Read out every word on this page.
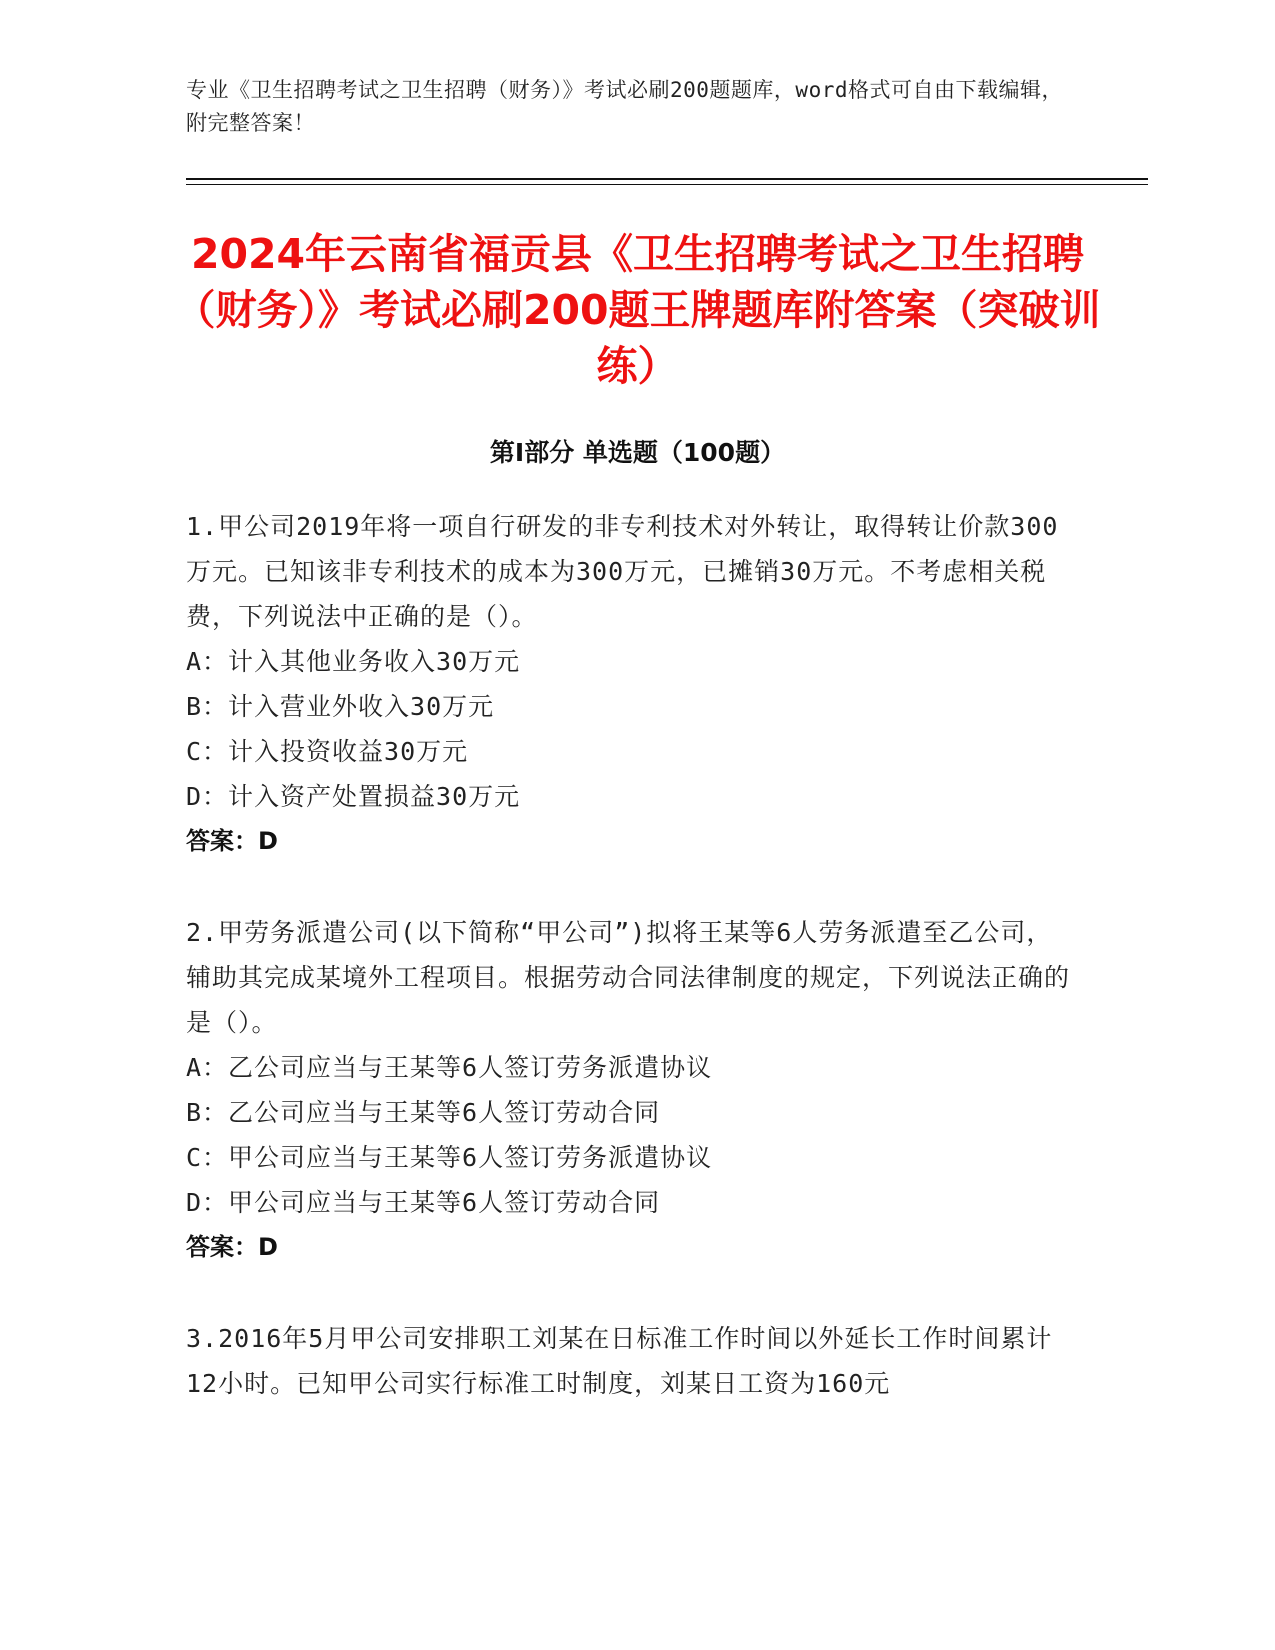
专业《卫生招聘考试之卫生招聘（财务）》考试必刷200题题库，word格式可自由下载编辑，附完整答案！
2024年云南省福贡县《卫生招聘考试之卫生招聘（财务）》考试必刷200题王牌题库附答案（突破训练）
第Ⅰ部分 单选题（100题）
1.甲公司2019年将一项自行研发的非专利技术对外转让，取得转让价款300万元。已知该非专利技术的成本为300万元，已摊销30万元。不考虑相关税费，下列说法中正确的是（）。
A：计入其他业务收入30万元
B：计入营业外收入30万元
C：计入投资收益30万元
D：计入资产处置损益30万元
答案：D
2.甲劳务派遣公司(以下简称“甲公司”)拟将王某等6人劳务派遣至乙公司，辅助其完成某境外工程项目。根据劳动合同法律制度的规定，下列说法正确的是（）。
A：乙公司应当与王某等6人签订劳务派遣协议
B：乙公司应当与王某等6人签订劳动合同
C：甲公司应当与王某等6人签订劳务派遣协议
D：甲公司应当与王某等6人签订劳动合同
答案：D
3.2016年5月甲公司安排职工刘某在日标准工作时间以外延长工作时间累计12小时。已知甲公司实行标准工时制度，刘某日工资为160元
